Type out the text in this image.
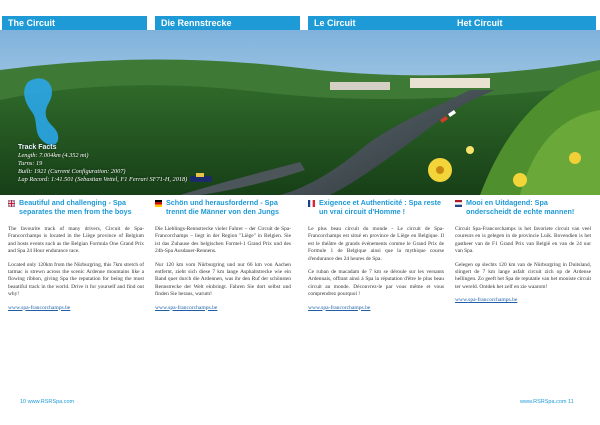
The Circuit	Die Rennstrecke	Le Circuit	Het Circuit
Track Facts
Length: 7.004km (4.352 mi)
Turns: 19
Built: 1921 (Current Configuration: 2007)
Lap Record: 1:41.501 (Sebastian Vettel, F1 Ferrari SF71-H, 2018)
Beautiful and challenging - Spa separates the men from the boys

The favourite track of many drivers, Circuit de Spa-Francorchamps is located in the Liège province of Belgium and hosts events such as the Belgian Formula One Grand Prix and Spa 24 Hour endurance race.

Located only 120km from the Nürburgring, this 7km stretch of tarmac is strewn across the scenic Ardenne mountains like a flowing ribbon, giving Spa the reputation for being the most beautiful track in the world. Drive it for yourself and find out why!

www.spa-francorchamps.be
Schön und herausfordernd - Spa trennt die Männer von den Jungs

Die Lieblings-Rennstrecke vieler Fahrer – der Circuit de Spa-Francorchamps – liegt in der Region "Liège" in Belgien. Sie ist das Zuhause des belgischen Formel-1 Grand Prix und des 24h-Spa Ausdauer-Rennens.

Nur 120 km vom Nürburgring und nur 66 km von Aachen entfernt, zieht sich diese 7 km lange Asphaltstrecke wie ein Band quer durch die Ardennen, was ihr den Ruf der schönsten Rennstrecke der Welt einbringt. Fahren Sie dort selbst und finden Sie heraus, warum!

www.spa-francorchamps.be
Exigence et Authenticité : Spa reste un vrai circuit d'Homme !

Le plus beau circuit du monde - Le circuit de Spa-Francorchamps est situé en province de Liège en Belgique. Il est le théâtre de grands événements comme le Grand Prix de Formule 1 de Belgique ainsi que la mythique course d'endurance des 24 heures de Spa.

Ce ruban de macadam de 7 km se déroule sur les versants Ardennais, offrant ainsi à Spa la réputation d'être le plus beau circuit au monde. Découvrez-le par vous même et vous comprendrez pourquoi !

www.spa-francorchamps.be
Mooi en Uitdagend: Spa onderscheidt de echte mannen!

Circuit Spa-Francorchamps is het favoriete circuit van veel coureurs en is gelegen in de provincie Luik. Bovendien is het gastheer van de F1 Grand Prix van België en van de 24 uur van Spa.

Gelegen op slechts 120 km van de Nürburgring in Duitsland, slingert de 7 km lange asfalt circuit zich op de Ardense hellingen. Zo geeft het Spa de reputatie van het mooiste circuit ter wereld. Ontdek het zelf en zie waarom!

www.spa-francorchamps.be
10 www.RSRSpa.com	www.RSRSpa.com 11
